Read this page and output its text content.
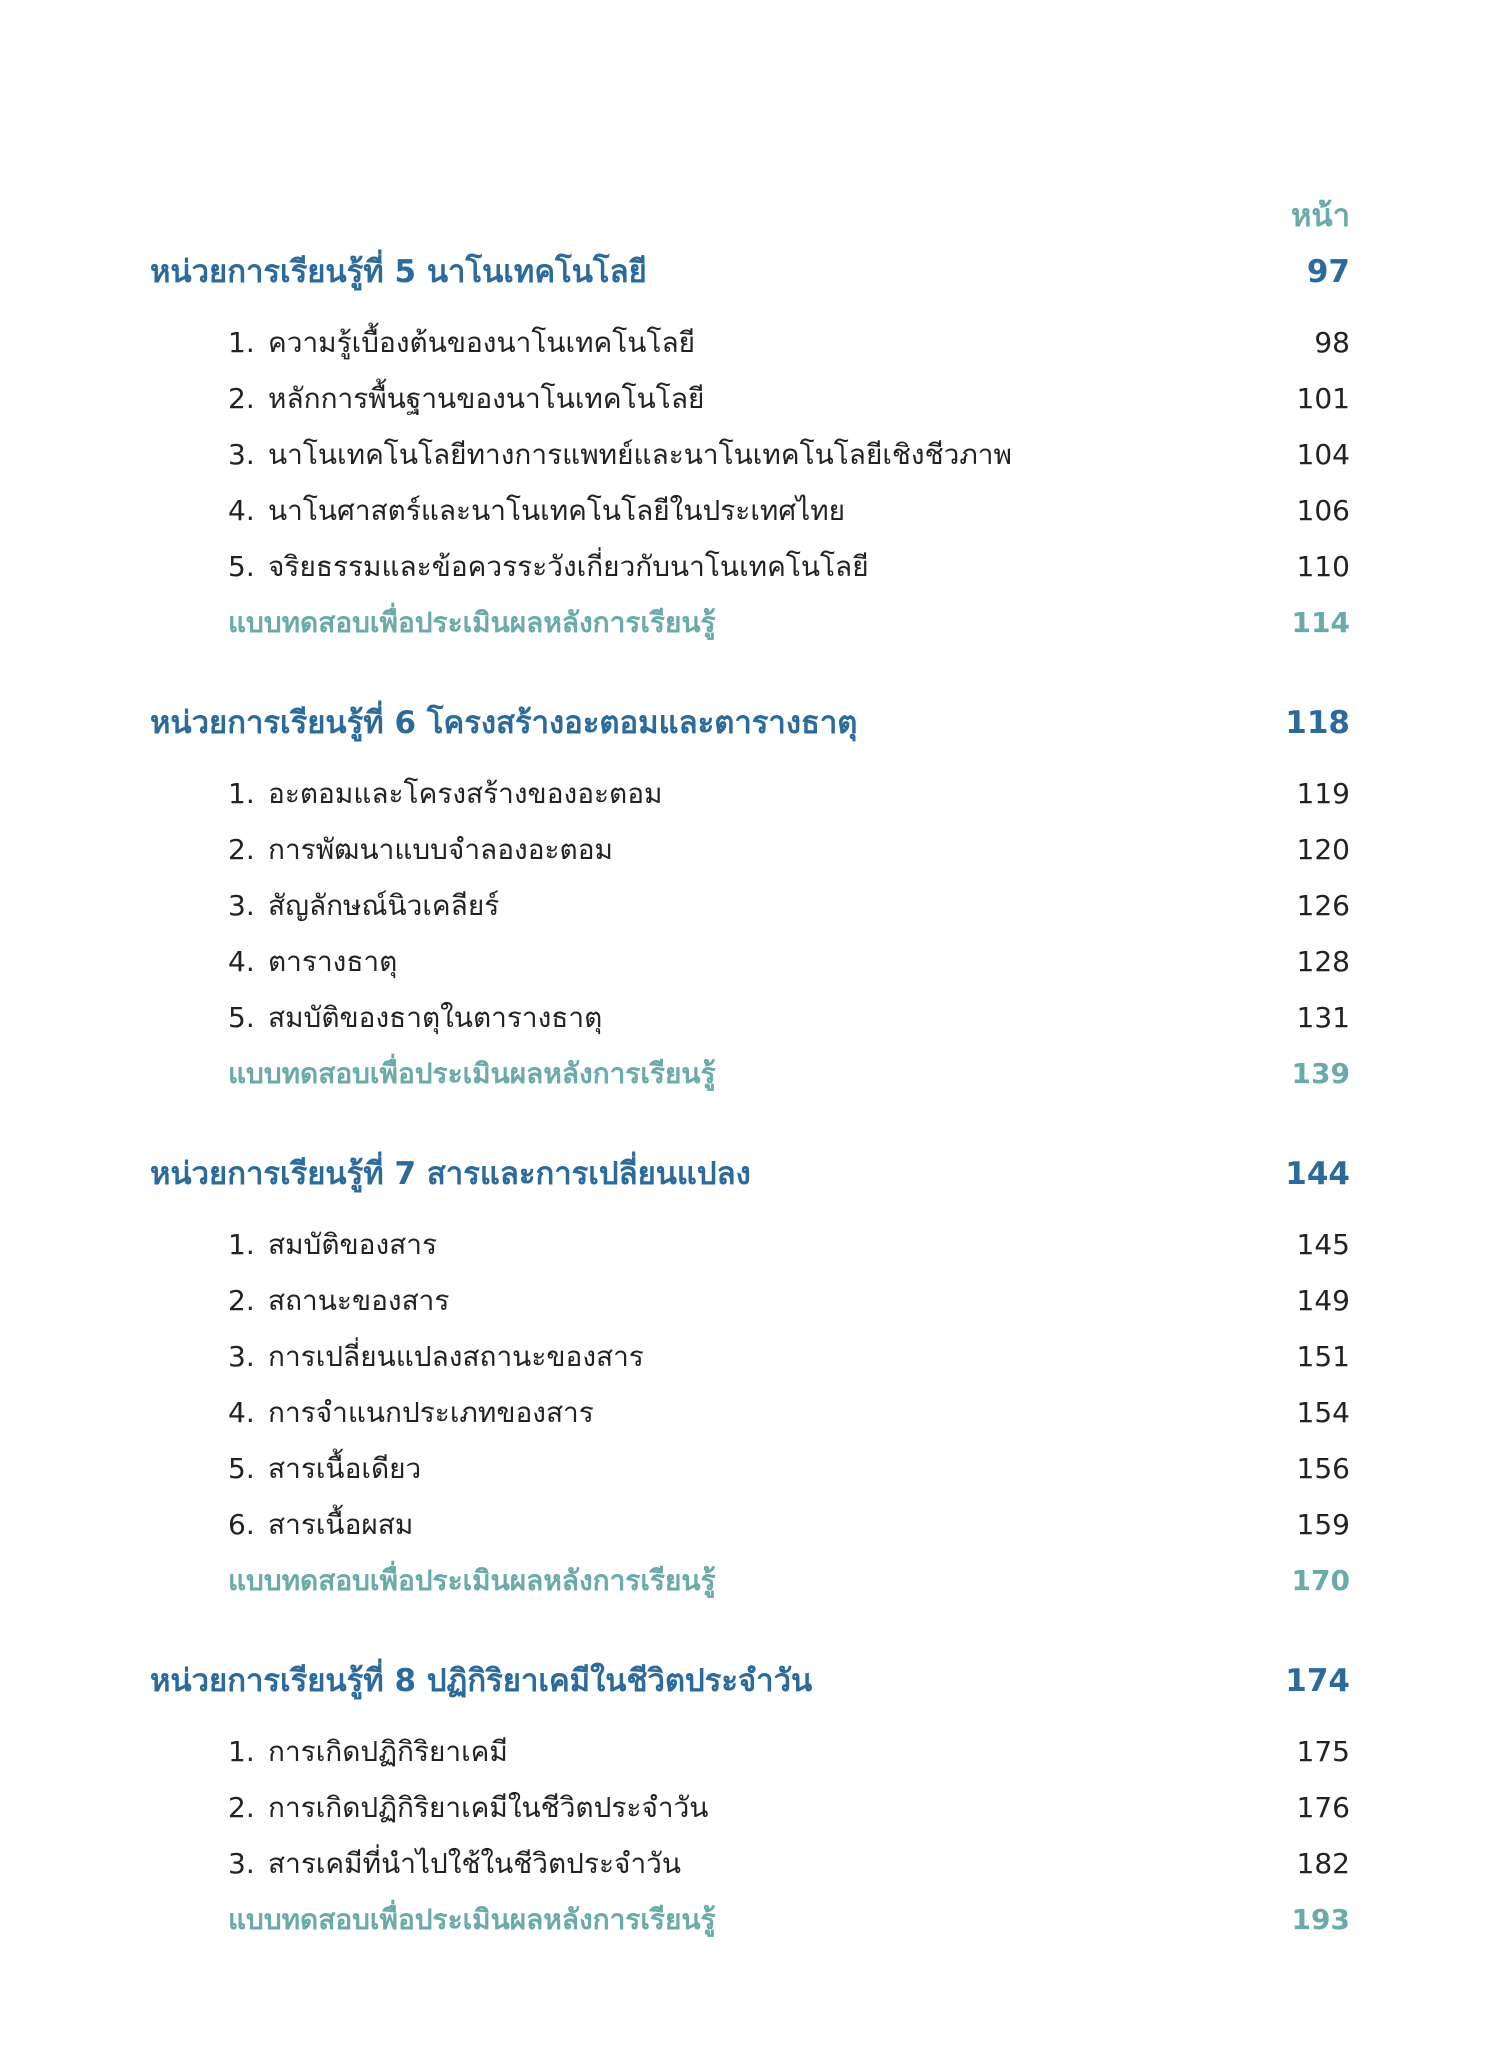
หน้า
หน่วยการเรียนรู้ที่ 5 นาโนเทคโนโลยี	97
1. ความรู้เบื้องต้นของนาโนเทคโนโลยี	98
2. หลักการพื้นฐานของนาโนเทคโนโลยี	101
3. นาโนเทคโนโลยีทางการแพทย์และนาโนเทคโนโลยีเชิงชีวภาพ	104
4. นาโนศาสตร์และนาโนเทคโนโลยีในประเทศไทย	106
5. จริยธรรมและข้อควรระวังเกี่ยวกับนาโนเทคโนโลยี	110
แบบทดสอบเพื่อประเมินผลหลังการเรียนรู้	114
หน่วยการเรียนรู้ที่ 6 โครงสร้างอะตอมและตารางธาตุ	118
1. อะตอมและโครงสร้างของอะตอม	119
2. การพัฒนาแบบจำลองอะตอม	120
3. สัญลักษณ์นิวเคลียร์	126
4. ตารางธาตุ	128
5. สมบัติของธาตุในตารางธาตุ	131
แบบทดสอบเพื่อประเมินผลหลังการเรียนรู้	139
หน่วยการเรียนรู้ที่ 7 สารและการเปลี่ยนแปลง	144
1. สมบัติของสาร	145
2. สถานะของสาร	149
3. การเปลี่ยนแปลงสถานะของสาร	151
4. การจำแนกประเภทของสาร	154
5. สารเนื้อเดียว	156
6. สารเนื้อผสม	159
แบบทดสอบเพื่อประเมินผลหลังการเรียนรู้	170
หน่วยการเรียนรู้ที่ 8 ปฏิกิริยาเคมีในชีวิตประจำวัน	174
1. การเกิดปฏิกิริยาเคมี	175
2. การเกิดปฏิกิริยาเคมีในชีวิตประจำวัน	176
3. สารเคมีที่นำไปใช้ในชีวิตประจำวัน	182
แบบทดสอบเพื่อประเมินผลหลังการเรียนรู้	193
